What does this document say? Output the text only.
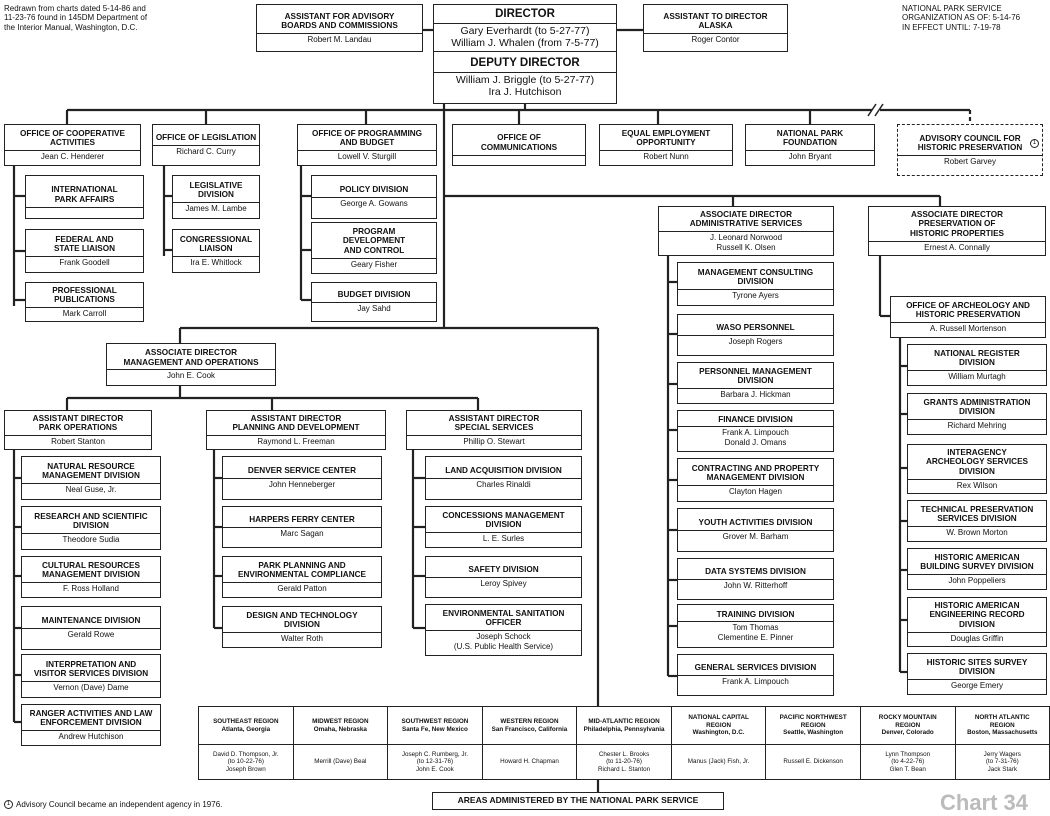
Redrawn from charts dated 5-14-86 and
11-23-76 found in 145DM Department of
the Interior Manual, Washington, D.C.
NATIONAL PARK SERVICE
ORGANIZATION AS OF: 5-14-76
IN EFFECT UNTIL: 7-19-78
DIRECTOR
Gary Everhardt (to 5-27-77)
William J. Whalen (from 7-5-77)
DEPUTY DIRECTOR
William J. Briggle (to 5-27-77)
Ira J. Hutchison
SOUTHEAST REGION
Atlanta, Georgia
David D. Thompson, Jr.
(to 10-22-76)
Joseph Brown
MIDWEST REGION
Omaha, Nebraska
Merrill (Dave) Beal
SOUTHWEST REGION
Santa Fe, New Mexico
Joseph C. Rumberg, Jr.
(to 12-31-76)
John E. Cook
WESTERN REGION
San Francisco, California
Howard H. Chapman
MID-ATLANTIC REGION
Philadelphia, Pennsylvania
Chester L. Brooks
(to 11-20-76)
Richard L. Stanton
NATIONAL CAPITAL
REGION
Washington, D.C.
Manus (Jack) Fish, Jr.
PACIFIC NORTHWEST
REGION
Seattle, Washington
Russell E. Dickenson
ROCKY MOUNTAIN
REGION
Denver, Colorado
Lynn Thompson
(to 4-22-76)
Glen T. Bean
NORTH ATLANTIC
REGION
Boston, Massachusetts
Jerry Wagers
(to 7-31-76)
Jack Stark
AREAS ADMINISTERED BY THE NATIONAL PARK SERVICE
1 Advisory Council became an independent agency in 1976.	Chart 34
ASSISTANT FOR ADVISORY
BOARDS AND COMMISSIONS
Robert M. Landau
ASSISTANT TO DIRECTOR
ALASKA
Roger Contor
OFFICE OF COOPERATIVE
ACTIVITIES
Jean C. Henderer
INTERNATIONAL
PARK AFFAIRS
FEDERAL AND
STATE LIAISON
Frank Goodell
PROFESSIONAL
PUBLICATIONS
Mark Carroll
OFFICE OF LEGISLATION
Richard C. Curry
LEGISLATIVE
DIVISION
James M. Lambe
CONGRESSIONAL
LIAISON
Ira E. Whitlock
OFFICE OF PROGRAMMING
AND BUDGET
Lowell V. Sturgill
POLICY DIVISION
George A. Gowans
PROGRAM
DEVELOPMENT
AND CONTROL
Geary Fisher
BUDGET DIVISION
Jay Sahd
OFFICE OF
COMMUNICATIONS
EQUAL EMPLOYMENT
OPPORTUNITY
Robert Nunn
NATIONAL PARK
FOUNDATION
John Bryant
ADVISORY COUNCIL FOR
HISTORIC PRESERVATION
Robert Garvey
1
ASSOCIATE DIRECTOR
ADMINISTRATIVE SERVICES
J. Leonard Norwood
Russell K. Olsen
MANAGEMENT CONSULTING
DIVISION
Tyrone Ayers
WASO PERSONNEL
Joseph Rogers
PERSONNEL MANAGEMENT
DIVISION
Barbara J. Hickman
FINANCE DIVISION
Frank A. Limpouch
Donald J. Omans
CONTRACTING AND PROPERTY
MANAGEMENT DIVISION
Clayton Hagen
YOUTH ACTIVITIES DIVISION
Grover M. Barham
DATA SYSTEMS DIVISION
John W. Ritterhoff
TRAINING DIVISION
Tom Thomas
Clementine E. Pinner
GENERAL SERVICES DIVISION
Frank A. Limpouch
ASSOCIATE DIRECTOR
PRESERVATION OF
HISTORIC PROPERTIES
Ernest A. Connally
OFFICE OF ARCHEOLOGY AND
HISTORIC PRESERVATION
A. Russell Mortenson
NATIONAL REGISTER
DIVISION
William Murtagh
GRANTS ADMINISTRATION
DIVISION
Richard Mehring
INTERAGENCY
ARCHEOLOGY SERVICES
DIVISION
Rex Wilson
TECHNICAL PRESERVATION
SERVICES DIVISION
W. Brown Morton
HISTORIC AMERICAN
BUILDING SURVEY DIVISION
John Poppeliers
HISTORIC AMERICAN
ENGINEERING RECORD
DIVISION
Douglas Griffin
HISTORIC SITES SURVEY
DIVISION
George Emery
ASSOCIATE DIRECTOR
MANAGEMENT AND OPERATIONS
John E. Cook
ASSISTANT DIRECTOR
PARK OPERATIONS
Robert Stanton
NATURAL RESOURCE
MANAGEMENT DIVISION
Neal Guse, Jr.
RESEARCH AND SCIENTIFIC
DIVISION
Theodore Sudia
CULTURAL RESOURCES
MANAGEMENT DIVISION
F. Ross Holland
MAINTENANCE DIVISION
Gerald Rowe
INTERPRETATION AND
VISITOR SERVICES DIVISION
Vernon (Dave) Dame
RANGER ACTIVITIES AND LAW
ENFORCEMENT DIVISION
Andrew Hutchison
ASSISTANT DIRECTOR
PLANNING AND DEVELOPMENT
Raymond L. Freeman
DENVER SERVICE CENTER
John Henneberger
HARPERS FERRY CENTER
Marc Sagan
PARK PLANNING AND
ENVIRONMENTAL COMPLIANCE
Gerald Patton
DESIGN AND TECHNOLOGY
DIVISION
Walter Roth
ASSISTANT DIRECTOR
SPECIAL SERVICES
Phillip O. Stewart
LAND ACQUISITION DIVISION
Charles Rinaldi
CONCESSIONS MANAGEMENT
DIVISION
L. E. Surles
SAFETY DIVISION
Leroy Spivey
ENVIRONMENTAL SANITATION
OFFICER
Joseph Schock
(U.S. Public Health Service)
